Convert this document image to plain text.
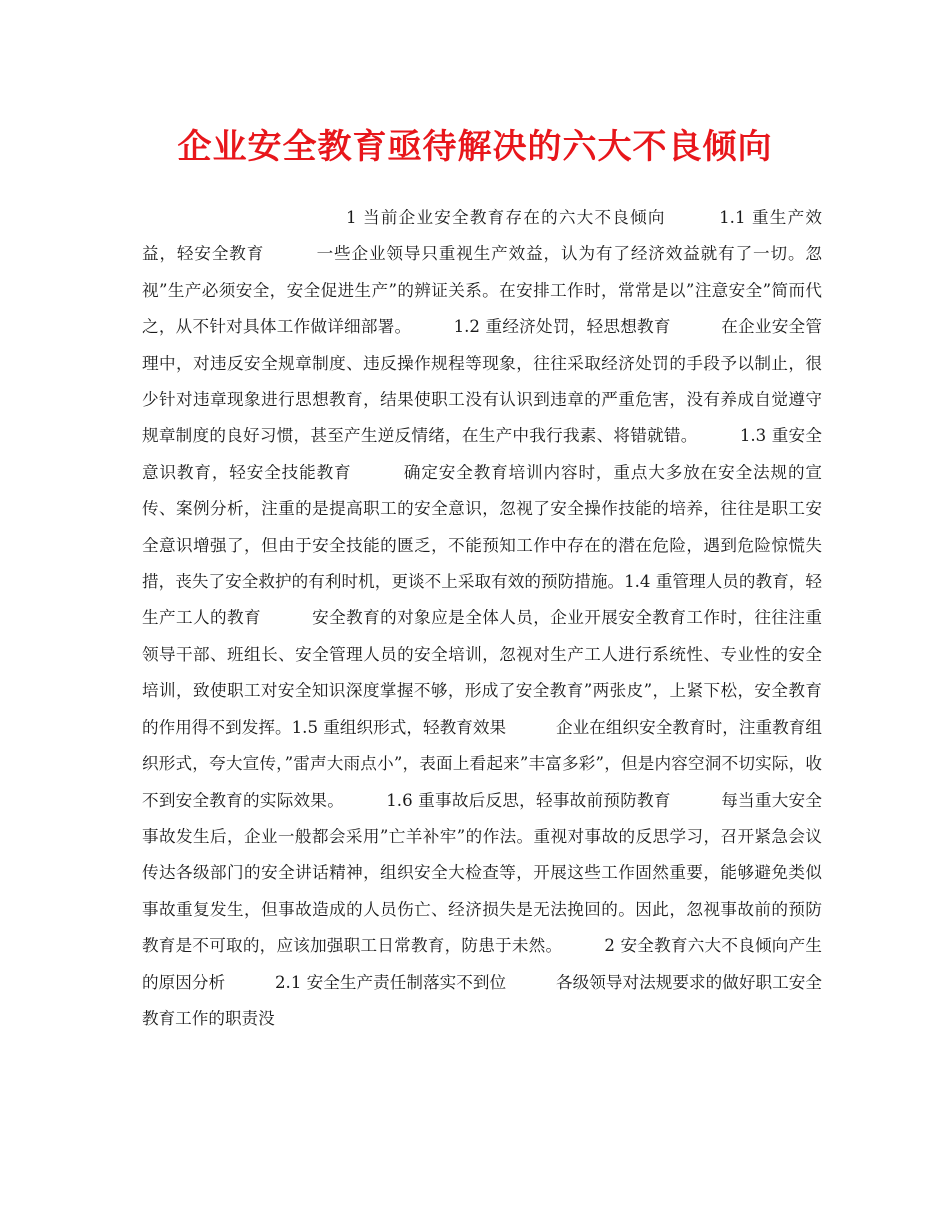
企业安全教育亟待解决的六大不良倾向

1 当前企业安全教育存在的六大不良倾向　　　1.1 重生产效益，轻安全教育　　　一些企业领导只重视生产效益，认为有了经济效益就有了一切。忽视”生产必须安全，安全促进生产”的辨证关系。在安排工作时，常常是以”注意安全”简而代之，从不针对具体工作做详细部署。　　　1.2 重经济处罚，轻思想教育　　　在企业安全管理中，对违反安全规章制度、违反操作规程等现象，往往采取经济处罚的手段予以制止，很少针对违章现象进行思想教育，结果使职工没有认识到违章的严重危害，没有养成自觉遵守规章制度的良好习惯，甚至产生逆反情绪，在生产中我行我素、将错就错。　　　1.3 重安全意识教育，轻安全技能教育　　　确定安全教育培训内容时，重点大多放在安全法规的宣传、案例分析，注重的是提高职工的安全意识，忽视了安全操作技能的培养，往往是职工安全意识增强了，但由于安全技能的匮乏，不能预知工作中存在的潜在危险，遇到危险惊慌失措，丧失了安全救护的有利时机，更谈不上采取有效的预防措施。1.4 重管理人员的教育，轻生产工人的教育　　　安全教育的对象应是全体人员，企业开展安全教育工作时，往往注重领导干部、班组长、安全管理人员的安全培训，忽视对生产工人进行系统性、专业性的安全培训，致使职工对安全知识深度掌握不够，形成了安全教育”两张皮”，上紧下松，安全教育的作用得不到发挥。1.5 重组织形式，轻教育效果　　　企业在组织安全教育时，注重教育组织形式，夸大宣传，”雷声大雨点小”，表面上看起来”丰富多彩”，但是内容空洞不切实际，收不到安全教育的实际效果。　　　1.6 重事故后反思，轻事故前预防教育　　　每当重大安全事故发生后，企业一般都会采用”亡羊补牢”的作法。重视对事故的反思学习，召开紧急会议传达各级部门的安全讲话精神，组织安全大检查等，开展这些工作固然重要，能够避免类似事故重复发生，但事故造成的人员伤亡、经济损失是无法挽回的。因此，忽视事故前的预防教育是不可取的，应该加强职工日常教育，防患于未然。　　　2 安全教育六大不良倾向产生的原因分析　　　2.1 安全生产责任制落实不到位　　　各级领导对法规要求的做好职工安全教育工作的职责没
